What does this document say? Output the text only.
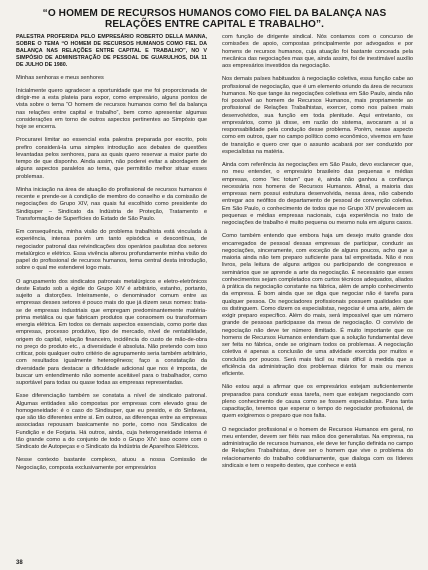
“O HOMEM DE RECURSOS HUMANOS COMO FIEL DA BALANÇA NAS RELAÇÕES ENTRE CAPITAL E TRABALHO”.

PALESTRA PROFERIDA PELO EMPRESÁRIO ROBERTO DELLA MANNA, SOBRE O TEMA “O HOMEM DE RECURSOS HUMANOS COMO FIEL DA BALANÇA NAS RELAÇÕES ENTRE CAPITAL E TRABALHO”, NO V SIMPÓSIO DE ADMINISTRAÇÃO DE PESSOAL DE GUARULHOS, DIA 11 DE JULHO DE 1980.

Minhas senhoras e meus senhores

Inicialmente quero agradecer a oportunidade que me foi proporcionada de dirigir-me a esta plateia para expor, como empresário, alguns pontos de vista sobre o tema “O homem de recursos humanos como fiel da balança nas relações entre capital e trabalho”, bem como apresentar algumas considerações em torno de outros aspectos pertinentes ao Simpósio que hoje se encerra.

Procurarei limitar ao essencial esta palestra preparada por escrito, pois prefiro considerá-la uma simples introdução aos debates de questões levantadas pelos senhores, para as quais quero reservar a maior parte do tempo de que disponho. Ainda assim, não poderei evitar a abordagem de alguns aspectos paralelos ao tema, que permitirão melhor situar esses problemas.

Minha iniciação na área de atuação do profissional de recursos humanos é recente e prende-se à condição de membro do conselho e da comissão de negociações do Grupo XIV, nas quais fui escolhido como presidente do Sindiquper – Sindicato da Indústria de Proteção, Tratamento e Transformação de Superfícies do Estado de São Paulo.

Em consequência, minha visão do problema trabalhista está vinculada à experiência, intensa porém um tanto episódica e descontínua, de negociador patronal das reivindicações dos operários paulistas dos setores metalúrgico e elétrico. Essa vivência alterou profundamente minha visão do papel do profissional de recursos humanos, tema central desta introdução, sobre o qual me estenderei logo mais.

O agrupamento dos sindicatos patronais metalúrgicos e eletro-eletrônicos deste Estado sob a égide do Grupo XIV é arbitrário, estanho, portanto, sujeito a distorções. Inteiramente, o denominador comum entre as empresas desses setores é pouco mais do que já dizem seus nomes: trata-se de empresas industriais que empregam predominantemente matéria-prima metálica ou que fabricam produtos que consomem ou transformam energia elétrica. Em todos os demais aspectos essenciais, como porte das empresas, processo produtivo, tipo de mercado, nível de rentabilidade, origem do capital, relação financeiro, incidência do custo de mão-de-obra no preço do produto etc., a diversidade é absoluta. Não pretendo com isso criticar, pois qualquer outro critério de agrupamento seria também arbitrário, com resultados igualmente heterogêneos; faço a constatação da diversidade para destacar a dificuldade adicional que nos é imposta, de buscar um entendimento não somente aceitável para o trabalhador, como suportável para todas ou quase todas as empresas representadas.

Esse diferenciação também se constata a nível de sindicato patronal. Algumas entidades são compostas por empresas com elevado grau de homogeneidade: é o caso do Sindisuper, que eu presido, e do Sinfavea, que são tão diferentes entre si. Em outros, as diferenças entre as empresas associadas repousam basicamente no porte, como nos Sindicatos de Fundição e de Forjaria. Há outros, ainda, cuja heterogeneidade interna é tão grande como a do conjunto de todo o Grupo XIV: isso ocorre com o Sindicato de Autopeças e o Sindicato da Indústria de Aparelhos Elétricos.

Nesse contexto bastante complexo, atuou a nossa Comissão de Negociação, composta exclusivamente por empresários

com função de dirigente sindical. Nós contamos com o concurso de comissões de apoio, compostas principalmente por advogados e por homens de recursos humanos, cuja atuação foi bastante conceada pela mecânica das negociações mas que, ainda assim, foi de inestimável auxílio aos empresários investidos da negociação.

Nos demais países habituados à negociação coletiva, essa função cabe ao profissional de negociação, que é um elemento oriundo da área de recursos humanos. No que tange às negociações coletivas em São Paulo, ainda não foi possível ao homem de Recursos Humanos, mais propriamente ao profissional de Relações Trabalhistas, exercer, como nos países mais desenvolvidos, sua função em toda plenitude. Aqui entretanto, os empresários, como já disse, em razão do sistema, avocaram a si a responsabilidade pela condução desse problema. Porém, nesse aspecto como em outros, quer no campo político como econômico, vivemos em fase de transição e quero crer que o assunto acabará por ser conduzido por especialistas na matéria.

Ainda com referência às negociações em São Paulo, devo esclarecer que, no meu entender, o empresário brasileiro das pequenas e médias empresas, como “lec totum” que é, ainda não ganhou a confiança necessária nos homens de Recursos Humanos. Afinal, a maioria das empresas nem possui estrutura desenvolvida, nessa área, não cabendo entregar aos neófitos do departamento de pessoal de convenção coletiva. Em São Paulo, o conhecimento de todos que no Grupo XIV prevalecem as pequenas e médias empresas nacionais, cuja experiência no trato de negociações de trabalho é muito pequena ou mesmo nula em alguns casos.

Como também entendo que embora haja um desejo muito grande dos encarregados de pessoal dessas empresas de participar, conduzir as negociações, sinceramente, com exceção de alguns poucos, acho que a maioria ainda não tem preparo suficiente para tal empreitada. Não é nos livros, pela leitura de alguns artigos ou participando de congressos e seminários que se aprende a arte da negociação. É necessário que esses conhecimentos sejam completados com curtos técnicos adequados, aliados à prática da negociação constante na fábrica, além de amplo conhecimento da empresa. É bom ainda que se diga que negociar não é tarefa para qualquer pessoa. Os negociadores profissionais possuem qualidades que os distinguem. Como dizem os especialistas, negociar é uma arte, além de exigir preparo específico. Além do mais, será impossível que um número grande de pessoas participasse da mesa de negociação. O convívio de negociação não deve ter número ilimitado. É muito importante que os homens de Recursos Humanos entendam que a solução fundamental deve ser feita no fábrica, onde se originam todos os problemas. A negociação coletiva é apenas a conclusão de uma atividade exercida por muitos e concluída por poucos. Será mais fácil ou mais difícil à medida que a eficiência da administração dos problemas diários for mais ou menos eficiente.

Não estou aqui a afirmar que os empresários estejam suficientemente preparados para conduzir essa tarefa, nem que estejam negociando com pleno conhecimento de causa como se fossem especialistas. Para tanta capacitação, teremos que esperar o tempo do negociador profissional, de quem exigiremos o preparo que nos falta.

O negociador profissional e o homem de Recursos Humanos em geral, no meu entender, devem ser fiéis nas mãos dos generalistas. Na empresa, na administração de recursos humanos, ele deve ter função definida no campo de Relações Trabalhistas, deve ser o homem que vive o problema do relacionamento do trabalho cotidianamente, que dialoga com os líderes sindicais e tem o respeito destes, que conhece e está

38
